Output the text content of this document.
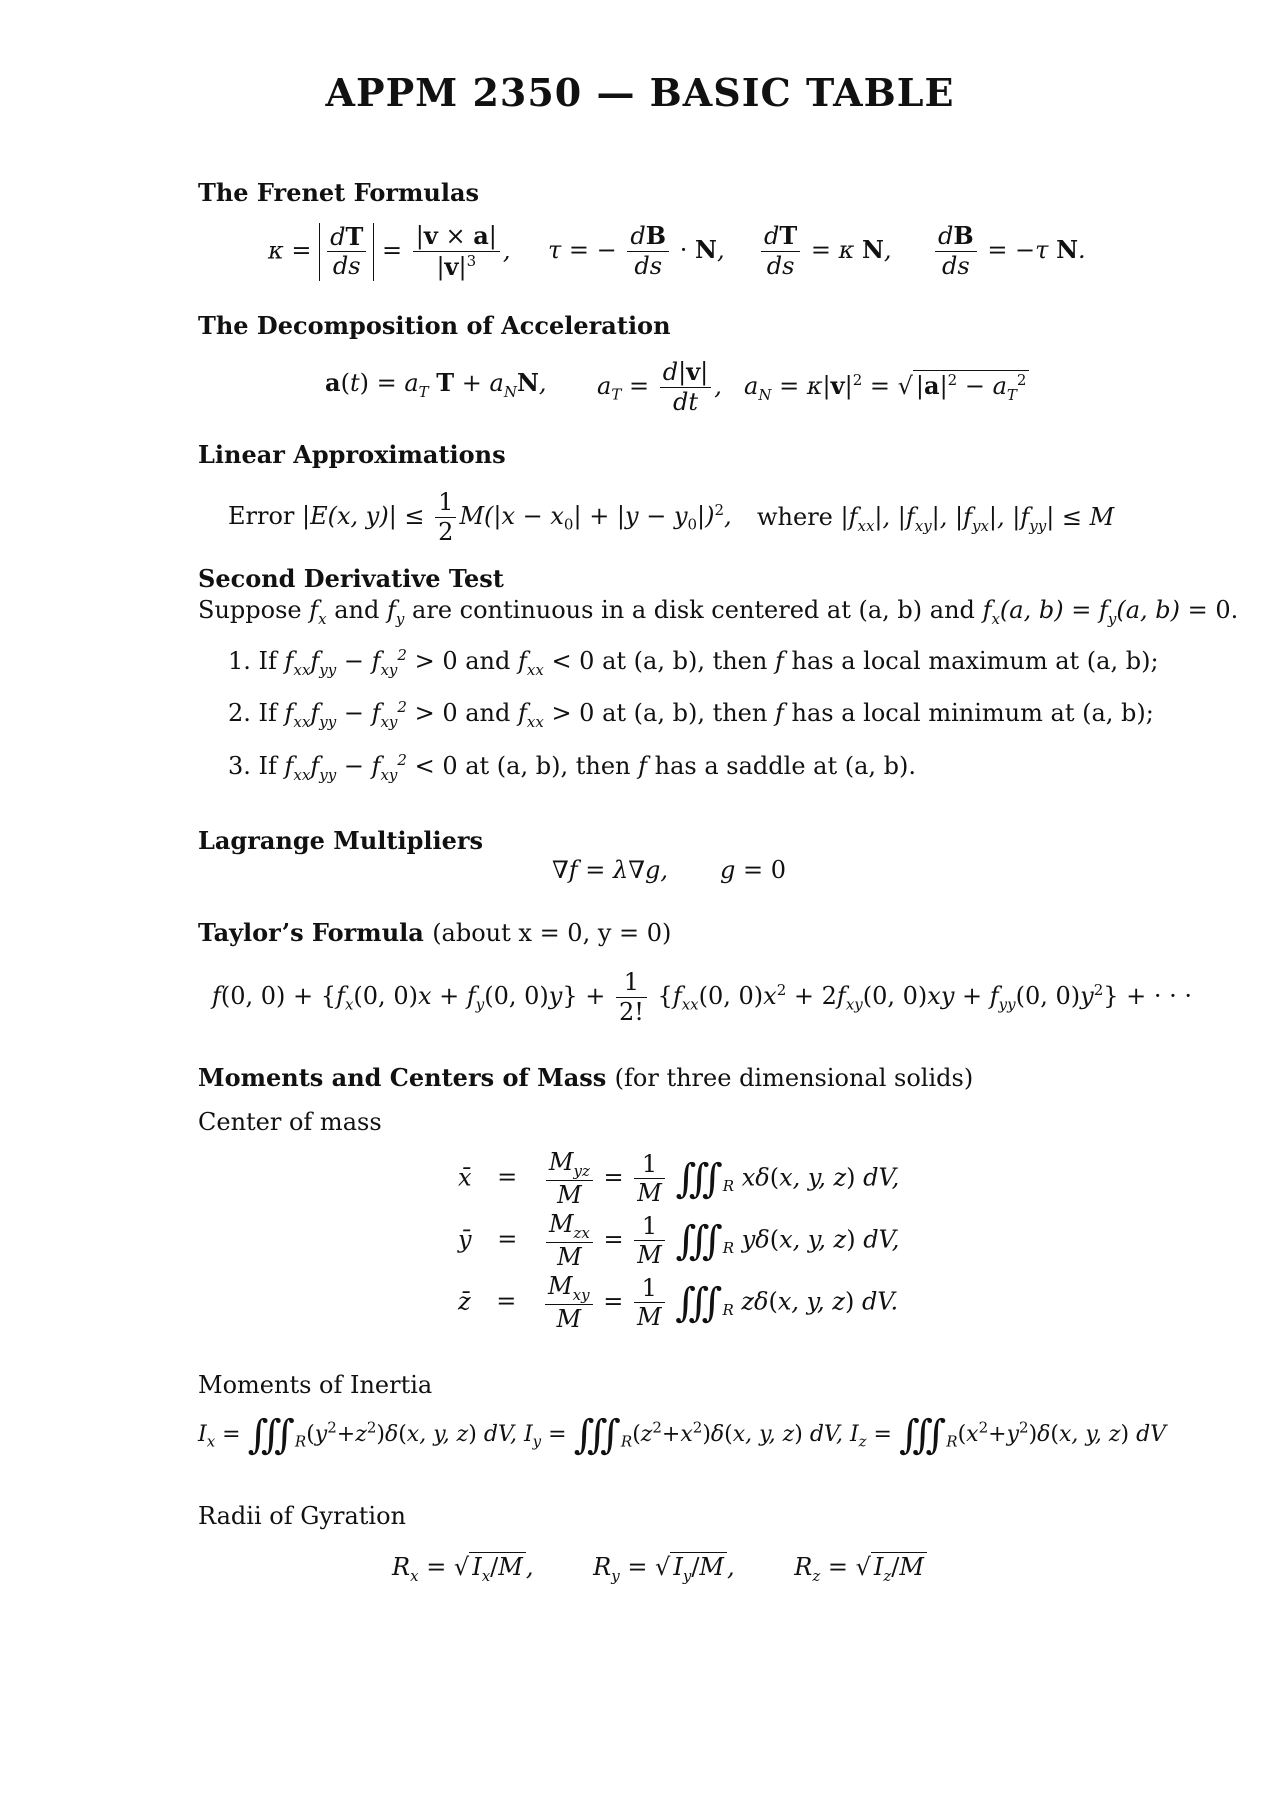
APPM 2350 — BASIC TABLE
The Frenet Formulas
$\kappa = \frac{dT}{ds} = \frac{|v \times a|}{|v|^3}$ , τ = − $\frac{dB}{ds} \cdot N$, $\frac{dT}{ds} = \kappa$ N, $\frac{dB}{ds} = -\tau$ N.
The Decomposition of Acceleration
$a(t) = a_T$ $T + a_NN$, $a_T = \frac{d|v|}{dt}$ , $a_N = \kappa|v|^2$ = √ $|a|^2 - a_T^2$
Linear Approximations
Error |E(x, $y)| \le \frac{1}{2} M(|x - x_0| + |y - y_0|)^2$, where $|f_{xx}|$, $|f_{xy}|$, $|f_{yx}|$, $|f_{yy}| \le M$
Second Derivative Test
Suppose $f_x$ and $f_y$ are continuous in a disk centered at (a, b) and $f_x(a$, $b) = f_y(a$, b) = 0.
1. If $f_{xx}f_{yy} - f_{xy}^2 > 0$ and $f_{xx} < 0$ at (a, b), then f has a local maximum at (a, b);
2. If $f_{xx}f_{yy} - f_{xy}^2 > 0$ and $f_{xx} > 0$ at (a, b), then f has a local minimum at (a, b);
3. If $f_{xx}f_{yy} - f_{xy}^2 < 0$ at (a, b), then f has a saddle at (a, b).
Lagrange Multipliers
∇f = λ∇g, g = 0
Taylor’s Formula (about x = 0, y = 0)
f(0, $0) + \{f_x(0$, $0)x + f_y(0$, $0)y\} + \frac{1}{2!} \{f_{xx}(0$, $0)x^2 + 2f_{xy}(0$, $0)xy + f_{yy}(0$, $0)y^2$} + · · ·
Moments and Centers of Mass (for three dimensional solids)
Center of mass
x̄ = $\frac{M_{yz}}{M} = \frac{1}{M}$ $∭_R$ xδ(x, y, z) dV,
ȳ = $\frac{M_{zx}}{M} = \frac{1}{M}$ $∭_R$ yδ(x, y, z) dV,
z̄ = $\frac{M_{xy}}{M} = \frac{1}{M}$ $∭_R$ zδ(x, y, z) dV.
Moments of Inertia
$I_x$ = $∭_R(y^2+z^2)\delta(x$, y, z) dV, $I_y$ = $∭_R(z^2+x^2)\delta(x$, y, z) dV, $I_z$ = $∭_R(x^2+y^2)\delta(x$, y, z) dV
Radii of Gyration
$R_x$ = √ $I_x/M$ , $R_y$ = √ $I_y/M$ , $R_z$ = √ $I_z/M$
